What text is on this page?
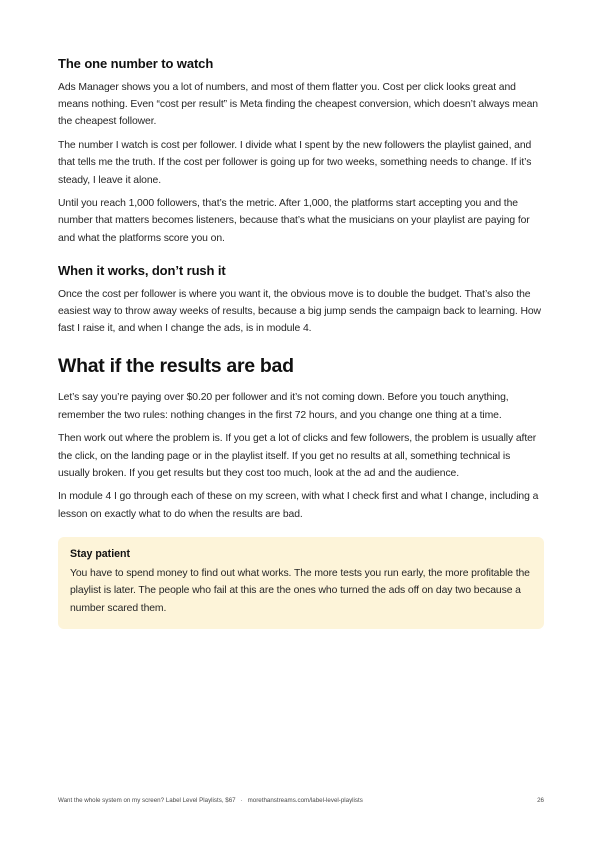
The one number to watch

Ads Manager shows you a lot of numbers, and most of them flatter you. Cost per click looks great and means nothing. Even “cost per result” is Meta finding the cheapest conversion, which doesn’t always mean the cheapest follower.

The number I watch is cost per follower. I divide what I spent by the new followers the playlist gained, and that tells me the truth. If the cost per follower is going up for two weeks, something needs to change. If it’s steady, I leave it alone.

Until you reach 1,000 followers, that’s the metric. After 1,000, the platforms start accepting you and the number that matters becomes listeners, because that’s what the musicians on your playlist are paying for and what the platforms score you on.

When it works, don’t rush it

Once the cost per follower is where you want it, the obvious move is to double the budget. That’s also the easiest way to throw away weeks of results, because a big jump sends the campaign back to learning. How fast I raise it, and when I change the ads, is in module 4.

What if the results are bad

Let’s say you’re paying over $0.20 per follower and it’s not coming down. Before you touch anything, remember the two rules: nothing changes in the first 72 hours, and you change one thing at a time.

Then work out where the problem is. If you get a lot of clicks and few followers, the problem is usually after the click, on the landing page or in the playlist itself. If you get no results at all, something technical is usually broken. If you get results but they cost too much, look at the ad and the audience.

In module 4 I go through each of these on my screen, with what I check first and what I change, including a lesson on exactly what to do when the results are bad.

Stay patient

You have to spend money to find out what works. The more tests you run early, the more profitable the playlist is later. The people who fail at this are the ones who turned the ads off on day two because a number scared them.

Want the whole system on my screen? Label Level Playlists, $67 · morethanstreams.com/label-level-playlists	26
